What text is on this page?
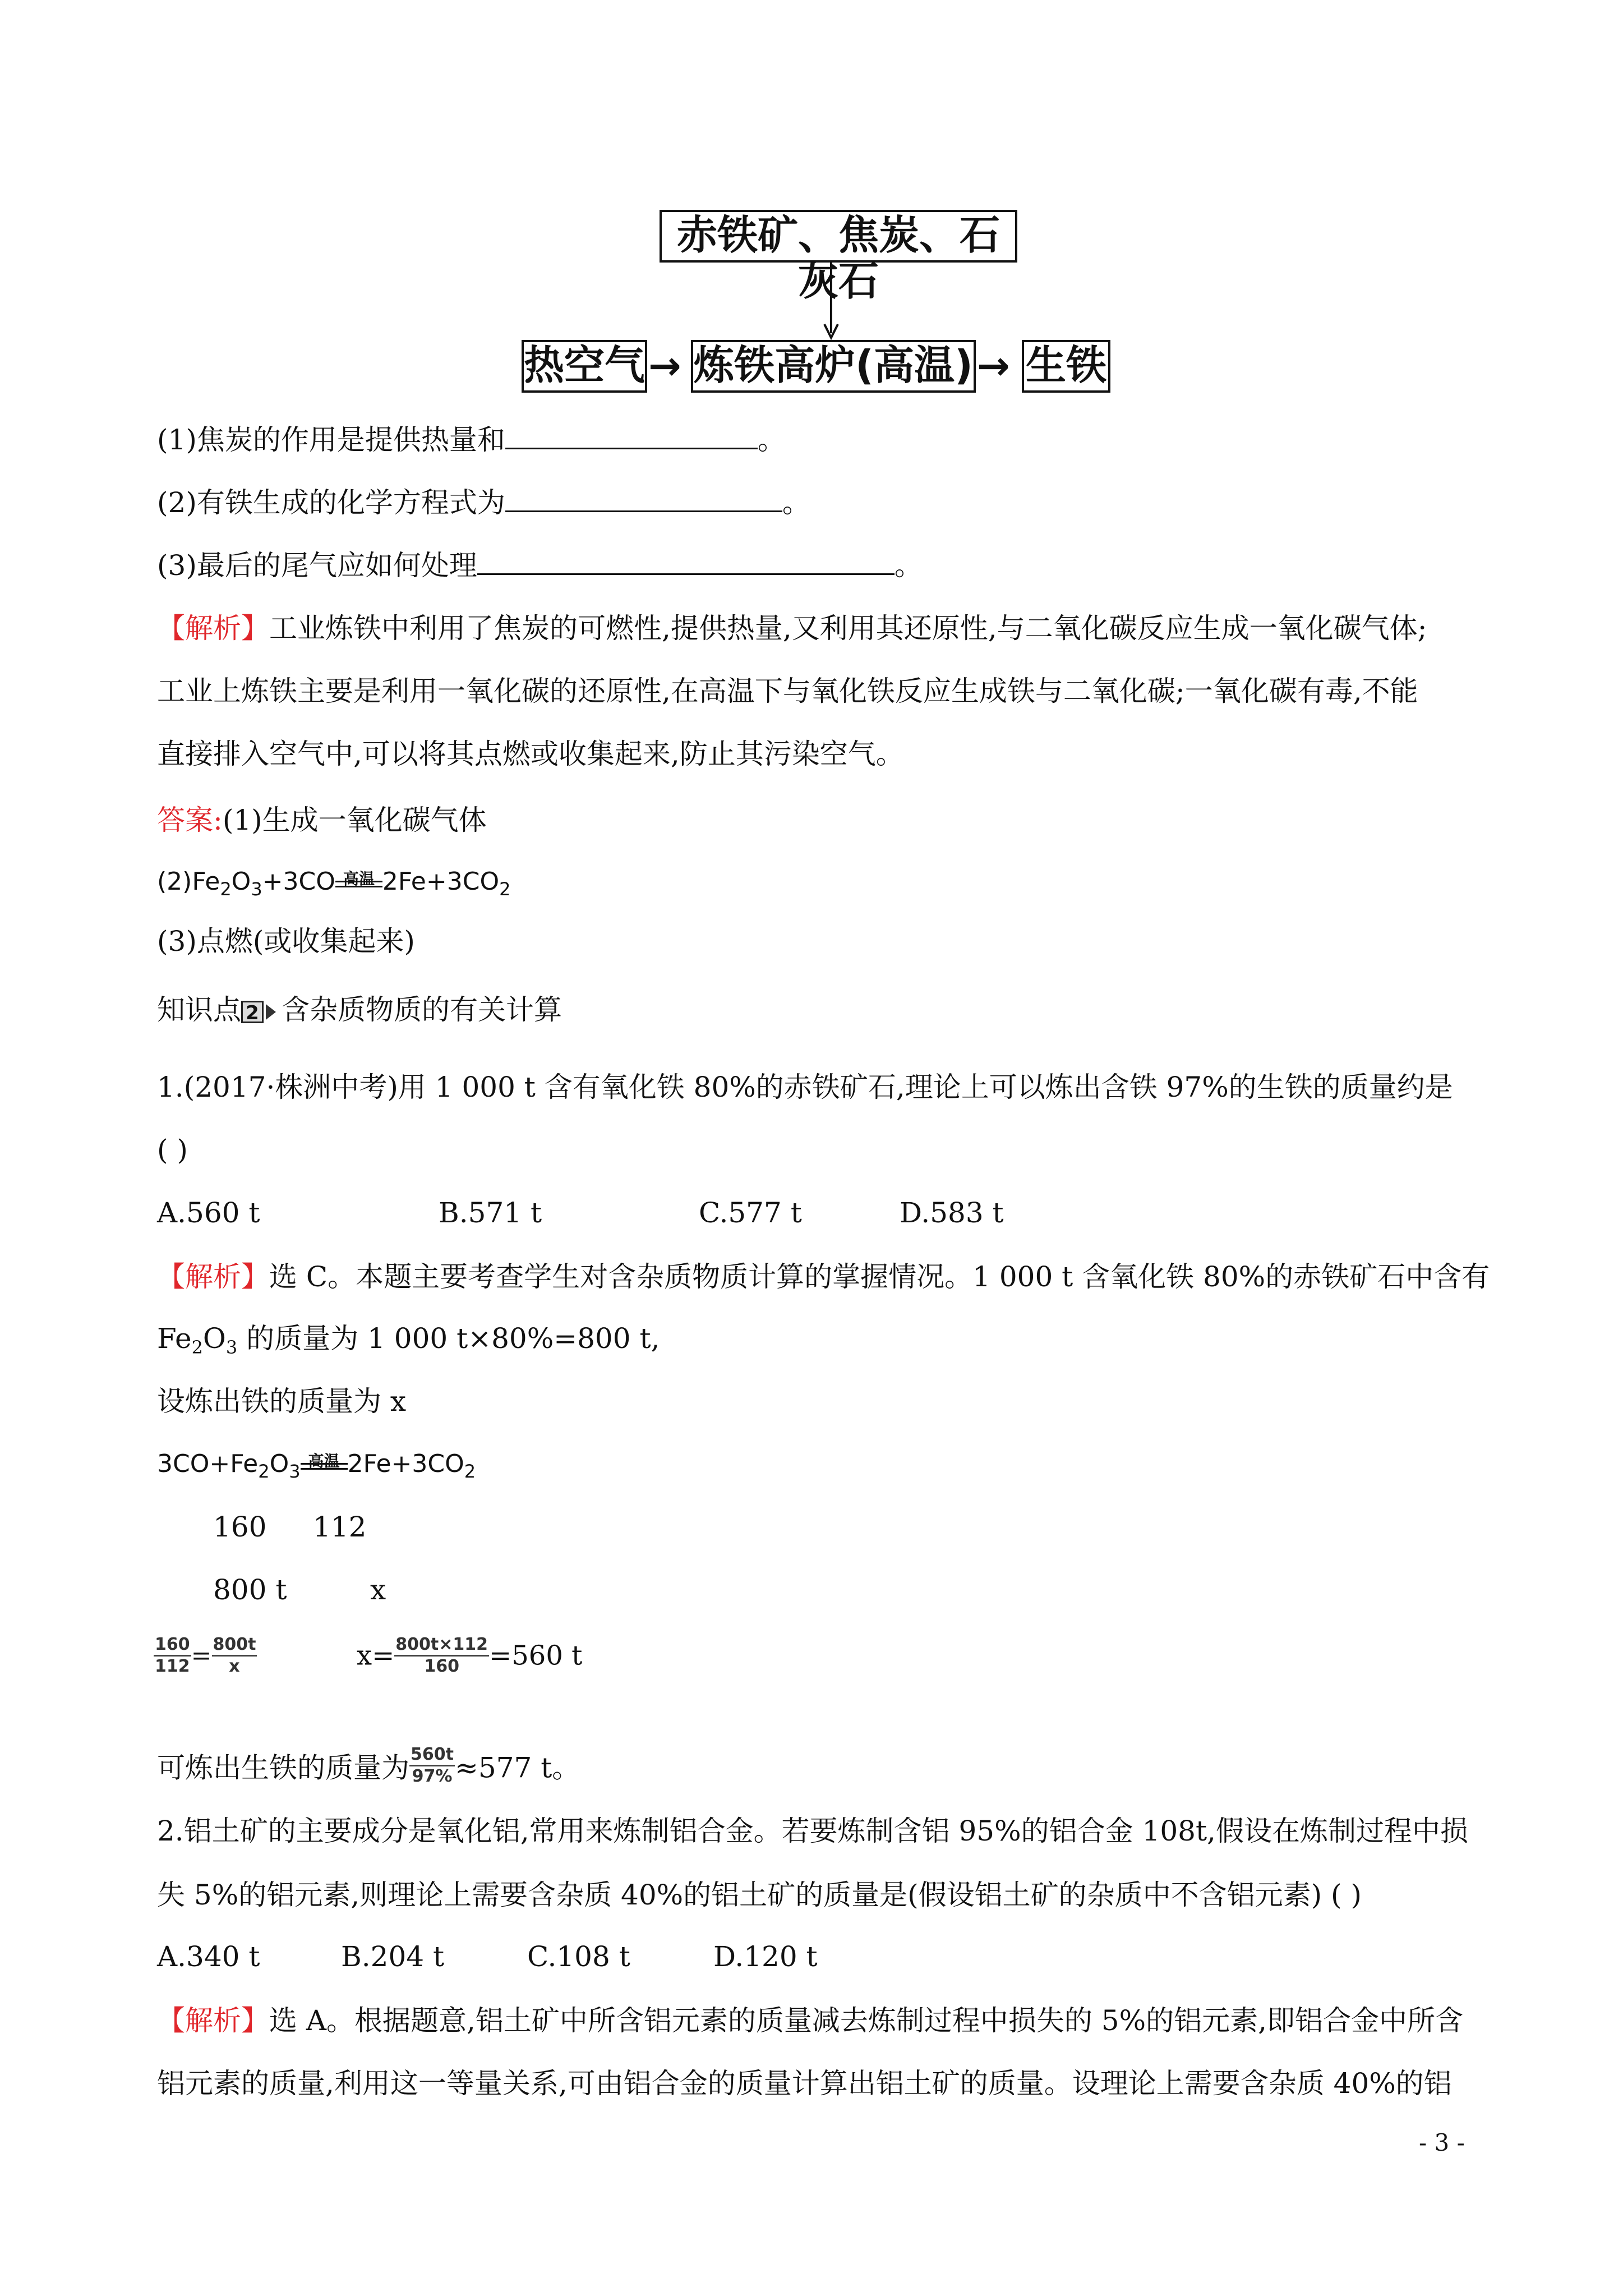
赤铁矿、焦炭、石灰石
热空气 → 炼铁高炉(高温) → 生铁
(1)焦炭的作用是提供热量和	。
(2)有铁生成的化学方程式为	。
(3)最后的尾气应如何处理	。
【解析】工业炼铁中利用了焦炭的可燃性,提供热量,又利用其还原性,与二氧化碳反应生成一氧化碳气体;
工业上炼铁主要是利用一氧化碳的还原性,在高温下与氧化铁反应生成铁与二氧化碳;一氧化碳有毒,不能
直接排入空气中,可以将其点燃或收集起来,防止其污染空气。
答案:(1)生成一氧化碳气体
$(2)Fe_2O_3+3CO$ 高温 $2Fe+3CO_2$
(3)点燃(或收集起来)
知识点 2 含杂质物质的有关计算
1.(2017·株洲中考)用 1 000 t 含有氧化铁 80%的赤铁矿石,理论上可以炼出含铁 97%的生铁的质量约是
( )
A.560 t	B.571 t	C.577 t	D.583 t
【解析】选 C。本题主要考查学生对含杂质物质计算的掌握情况。1 000 t 含氧化铁 80%的赤铁矿石中含有
$Fe_2O_3$ 的质量为 1 000 t×80%=800 t,
设炼出铁的质量为 x
$3CO+Fe_2O_3$ 高温 $2Fe+3CO_2$
160 112
800 t	x
$\frac{160}{112} = \frac{800t}{x}$	$x= \frac{800t\times 112}{160} =560$ t
可炼出生铁的质量为 $\frac{560t}{97\%} \approx 577$ t。
2.铝土矿的主要成分是氧化铝,常用来炼制铝合金。若要炼制含铝 95%的铝合金 108t,假设在炼制过程中损
失 5%的铝元素,则理论上需要含杂质 40%的铝土矿的质量是(假设铝土矿的杂质中不含铝元素) ( )
A.340 t	B.204 t	C.108 t	D.120 t
【解析】选 A。根据题意,铝土矿中所含铝元素的质量减去炼制过程中损失的 5%的铝元素,即铝合金中所含
铝元素的质量,利用这一等量关系,可由铝合金的质量计算出铝土矿的质量。设理论上需要含杂质 40%的铝
- 3 -
